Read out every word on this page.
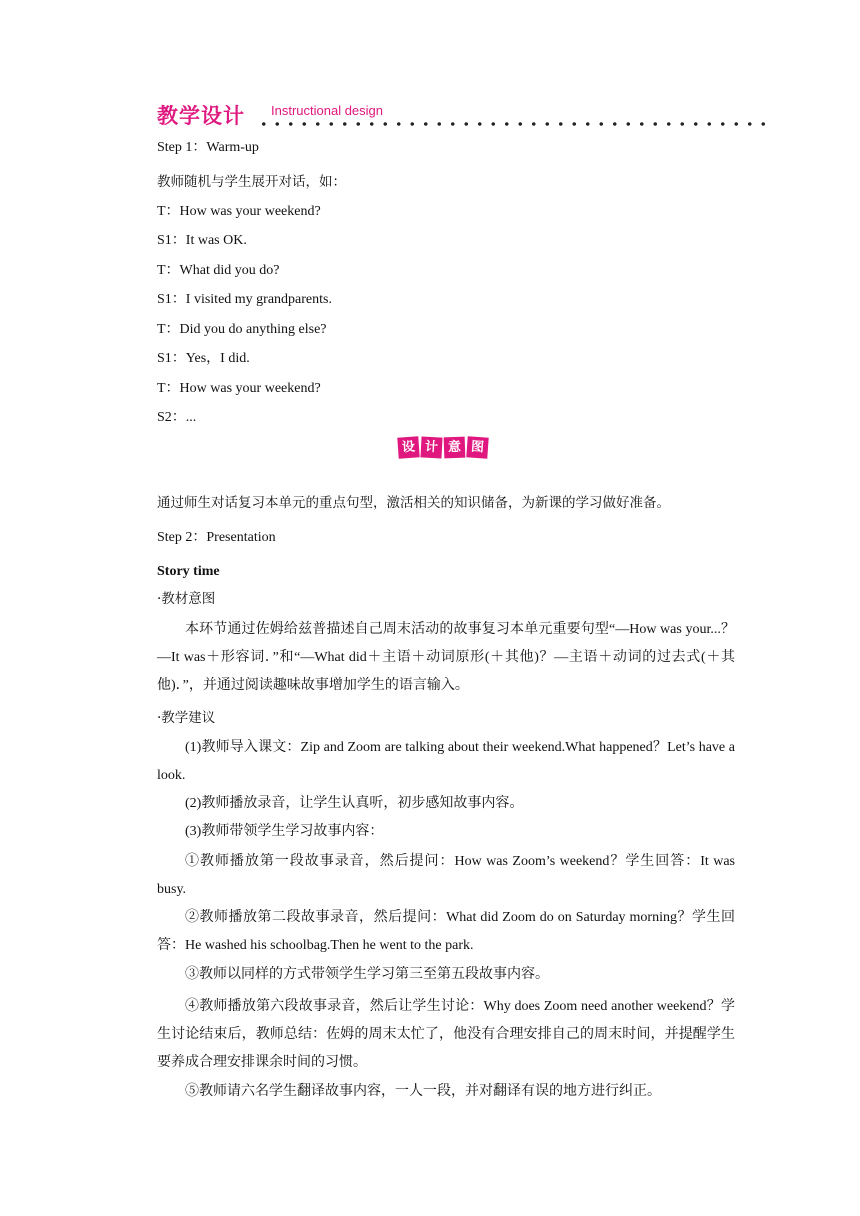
教学设计 Instructional design
Step 1：Warm-up
教师随机与学生展开对话，如：
T：How was your weekend?
S1：It was OK.
T：What did you do?
S1：I visited my grandparents.
T：Did you do anything else?
S1：Yes，I did.
T：How was your weekend?
S2：...
设 计 意 图
通过师生对话复习本单元的重点句型，激活相关的知识储备，为新课的学习做好准备。
Step 2：Presentation
Story time
·教材意图
本环节通过佐姆给兹普描述自己周末活动的故事复习本单元重要句型“—How was your...？—It was＋形容词．”和“—What did＋主语＋动词原形(＋其他)？—主语＋动词的过去式(＋其他)．”，并通过阅读趣味故事增加学生的语言输入。
·教学建议
(1)教师导入课文：Zip and Zoom are talking about their weekend.What happened？Let’s have a look.
(2)教师播放录音，让学生认真听，初步感知故事内容。
(3)教师带领学生学习故事内容：
①教师播放第一段故事录音，然后提问：How was Zoom’s weekend？学生回答：It was busy.
②教师播放第二段故事录音，然后提问：What did Zoom do on Saturday morning？学生回答：He washed his schoolbag.Then he went to the park.
③教师以同样的方式带领学生学习第三至第五段故事内容。
④教师播放第六段故事录音，然后让学生讨论：Why does Zoom need another weekend？学生讨论结束后，教师总结：佐姆的周末太忙了，他没有合理安排自己的周末时间，并提醒学生要养成合理安排课余时间的习惯。
⑤教师请六名学生翻译故事内容，一人一段，并对翻译有误的地方进行纠正。
